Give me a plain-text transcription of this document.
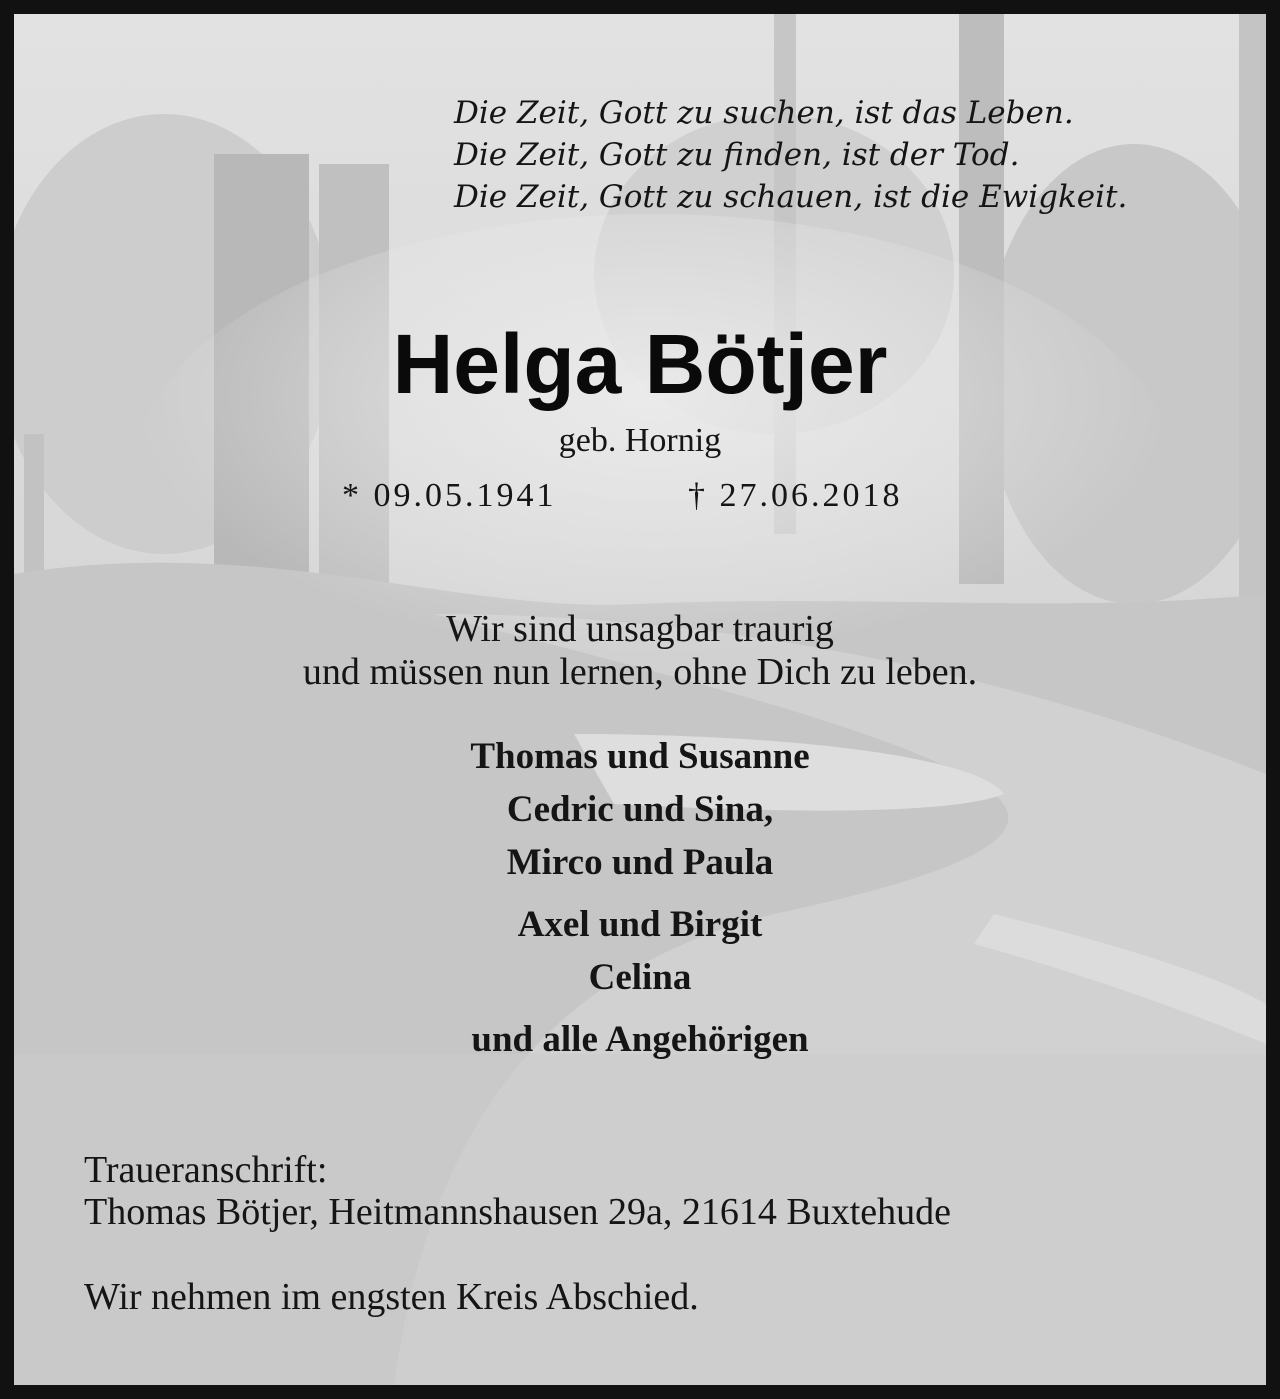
Die Zeit, Gott zu suchen, ist das Leben.
Die Zeit, Gott zu finden, ist der Tod.
Die Zeit, Gott zu schauen, ist die Ewigkeit.
Helga Bötjer
geb. Hornig
* 09.05.1941	† 27.06.2018
Wir sind unsagbar traurig
und müssen nun lernen, ohne Dich zu leben.
Thomas und Susanne
Cedric und Sina,
Mirco und Paula
Axel und Birgit
Celina
und alle Angehörigen
Traueranschrift:
Thomas Bötjer, Heitmannshausen 29a, 21614 Buxtehude
Wir nehmen im engsten Kreis Abschied.
